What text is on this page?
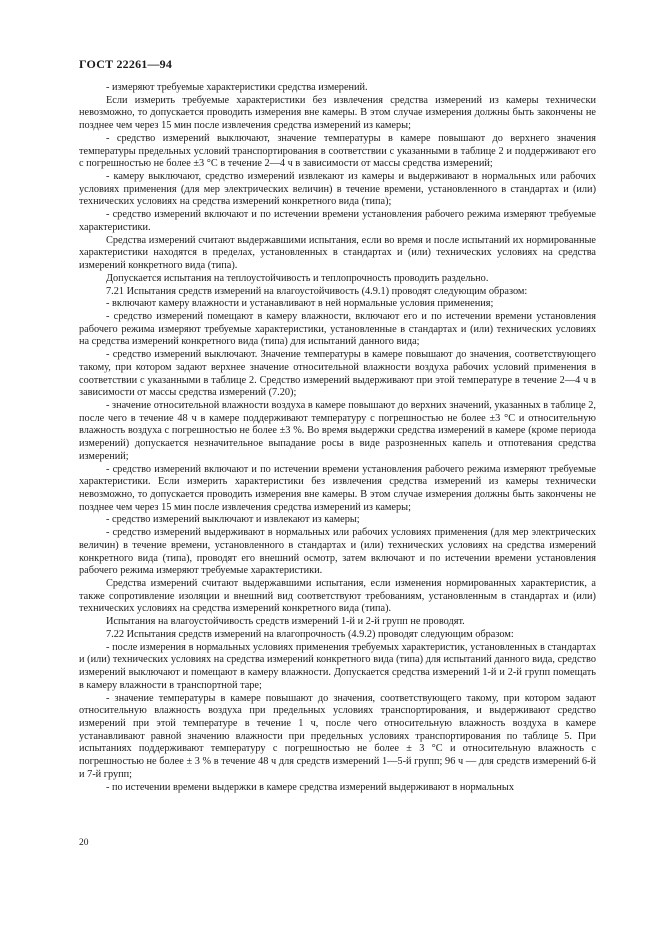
ГОСТ 22261—94

- измеряют требуемые характеристики средства измерений.

Если измерить требуемые характеристики без извлечения средства измерений из камеры технически невозможно, то допускается проводить измерения вне камеры. В этом случае измерения должны быть закончены не позднее чем через 15 мин после извлечения средства измерений из камеры;

- средство измерений выключают, значение температуры в камере повышают до верхнего значения температуры предельных условий транспортирования в соответствии с указанными в таблице 2 и поддерживают его с погрешностью не более ±3 °С в течение 2—4 ч в зависимости от массы средства измерений;

- камеру выключают, средство измерений извлекают из камеры и выдерживают в нормальных или рабочих условиях применения (для мер электрических величин) в течение времени, установленного в стандартах и (или) технических условиях на средства измерений конкретного вида (типа);

- средство измерений включают и по истечении времени установления рабочего режима измеряют требуемые характеристики.

Средства измерений считают выдержавшими испытания, если во время и после испытаний их нормированные характеристики находятся в пределах, установленных в стандартах и (или) технических условиях на средства измерений конкретного вида (типа).

Допускается испытания на теплоустойчивость и теплопрочность проводить раздельно.

7.21 Испытания средств измерений на влагоустойчивость (4.9.1) проводят следующим образом:

- включают камеру влажности и устанавливают в ней нормальные условия применения;

- средство измерений помещают в камеру влажности, включают его и по истечении времени установления рабочего режима измеряют требуемые характеристики, установленные в стандартах и (или) технических условиях на средства измерений конкретного вида (типа) для испытаний данного вида;

- средство измерений выключают. Значение температуры в камере повышают до значения, соответствующего такому, при котором задают верхнее значение относительной влажности воздуха рабочих условий применения в соответствии с указанными в таблице 2. Средство измерений выдерживают при этой температуре в течение 2—4 ч в зависимости от массы средства измерений (7.20);

- значение относительной влажности воздуха в камере повышают до верхних значений, указанных в таблице 2, после чего в течение 48 ч в камере поддерживают температуру с погрешностью не более ±3 °С и относительную влажность воздуха с погрешностью не более ±3 %. Во время выдержки средства измерений в камере (кроме периода измерений) допускается незначительное выпадание росы в виде разрозненных капель и отпотевания средства измерений;

- средство измерений включают и по истечении времени установления рабочего режима измеряют требуемые характеристики. Если измерить характеристики без извлечения средства измерений из камеры технически невозможно, то допускается проводить измерения вне камеры. В этом случае измерения должны быть закончены не позднее чем через 15 мин после извлечения средства измерений из камеры;

- средство измерений выключают и извлекают из камеры;

- средство измерений выдерживают в нормальных или рабочих условиях применения (для мер электрических величин) в течение времени, установленного в стандартах и (или) технических условиях на средства измерений конкретного вида (типа), проводят его внешний осмотр, затем включают и по истечении времени установления рабочего режима измеряют требуемые характеристики.

Средства измерений считают выдержавшими испытания, если изменения нормированных характеристик, а также сопротивление изоляции и внешний вид соответствуют требованиям, установленным в стандартах и (или) технических условиях на средства измерений конкретного вида (типа).

Испытания на влагоустойчивость средств измерений 1-й и 2-й групп не проводят.

7.22 Испытания средств измерений на влагопрочность (4.9.2) проводят следующим образом:

- после измерения в нормальных условиях применения требуемых характеристик, установленных в стандартах и (или) технических условиях на средства измерений конкретного вида (типа) для испытаний данного вида, средство измерений выключают и помещают в камеру влажности. Допускается средства измерений 1-й и 2-й групп помещать в камеру влажности в транспортной таре;

- значение температуры в камере повышают до значения, соответствующего такому, при котором задают относительную влажность воздуха при предельных условиях транспортирования, и выдерживают средство измерений при этой температуре в течение 1 ч, после чего относительную влажность воздуха в камере устанавливают равной значению влажности при предельных условиях транспортирования по таблице 5. При испытаниях поддерживают температуру с погрешностью не более ± 3 °С и относительную влажность с погрешностью не более ± 3 % в течение 48 ч для средств измерений 1—5-й групп; 96 ч — для средств измерений 6-й и 7-й групп;

- по истечении времени выдержки в камере средства измерений выдерживают в нормальных

20
